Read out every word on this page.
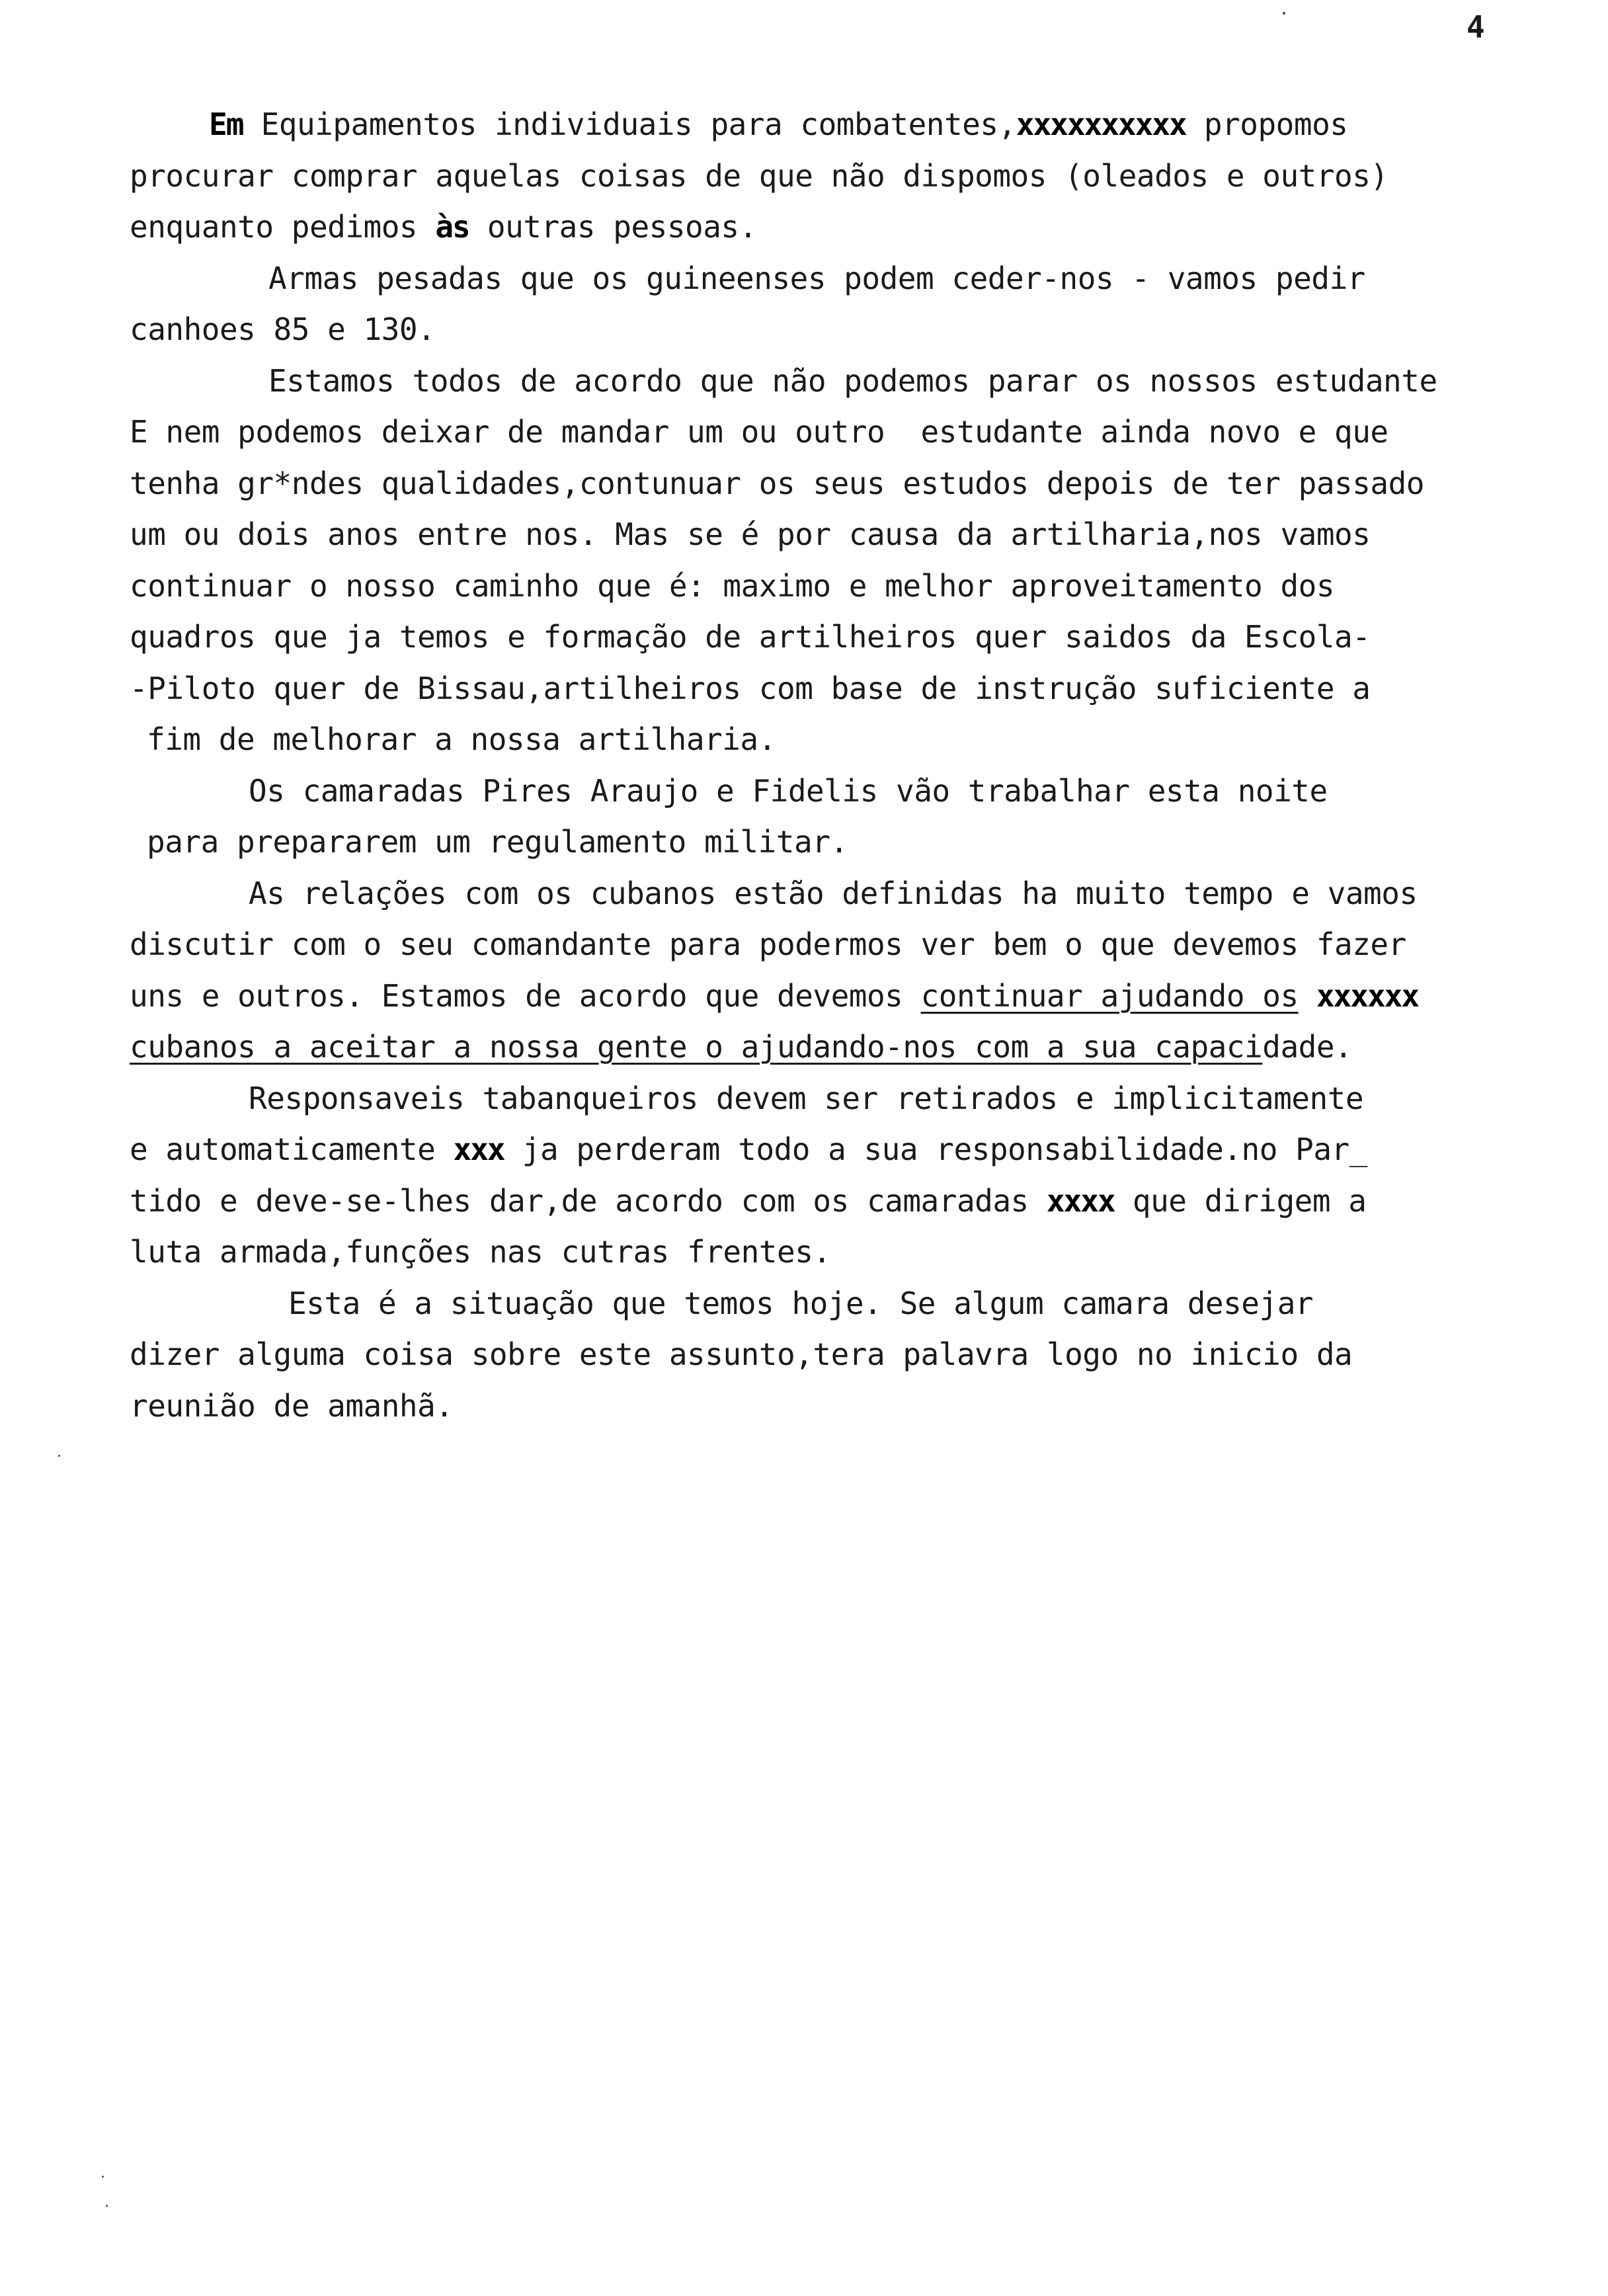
4
Em Equipamentos individuais para combatentes,xxxxxxxxxx propomos
procurar comprar aquelas coisas de que não dispomos (oleados e outros)
enquanto pedimos às outras pessoas.
Armas pesadas que os guineenses podem ceder-nos - vamos pedir
canhoes 85 e 130.
Estamos todos de acordo que não podemos parar os nossos estudante
E nem podemos deixar de mandar um ou outro  estudante ainda novo e que
tenha gr*ndes qualidades,contunuar os seus estudos depois de ter passado
um ou dois anos entre nos. Mas se é por causa da artilharia,nos vamos
continuar o nosso caminho que é: maximo e melhor aproveitamento dos
quadros que ja temos e formação de artilheiros quer saidos da Escola-
-Piloto quer de Bissau,artilheiros com base de instrução suficiente a
fim de melhorar a nossa artilharia.
Os camaradas Pires Araujo e Fidelis vão trabalhar esta noite
para prepararem um regulamento militar.
As relações com os cubanos estão definidas ha muito tempo e vamos
discutir com o seu comandante para podermos ver bem o que devemos fazer
uns e outros. Estamos de acordo que devemos continuar ajudando os xxxxxx
cubanos a aceitar a nossa gente o ajudando-nos com a sua capacidade.
Responsaveis tabanqueiros devem ser retirados e implicitamente
e automaticamente xxx ja perderam todo a sua responsabilidade.no Par_
tido e deve-se-lhes dar,de acordo com os camaradas xxxx que dirigem a
luta armada,funções nas cutras frentes.
Esta é a situação que temos hoje. Se algum camara desejar
dizer alguma coisa sobre este assunto,tera palavra logo no inicio da
reunião de amanhã.
